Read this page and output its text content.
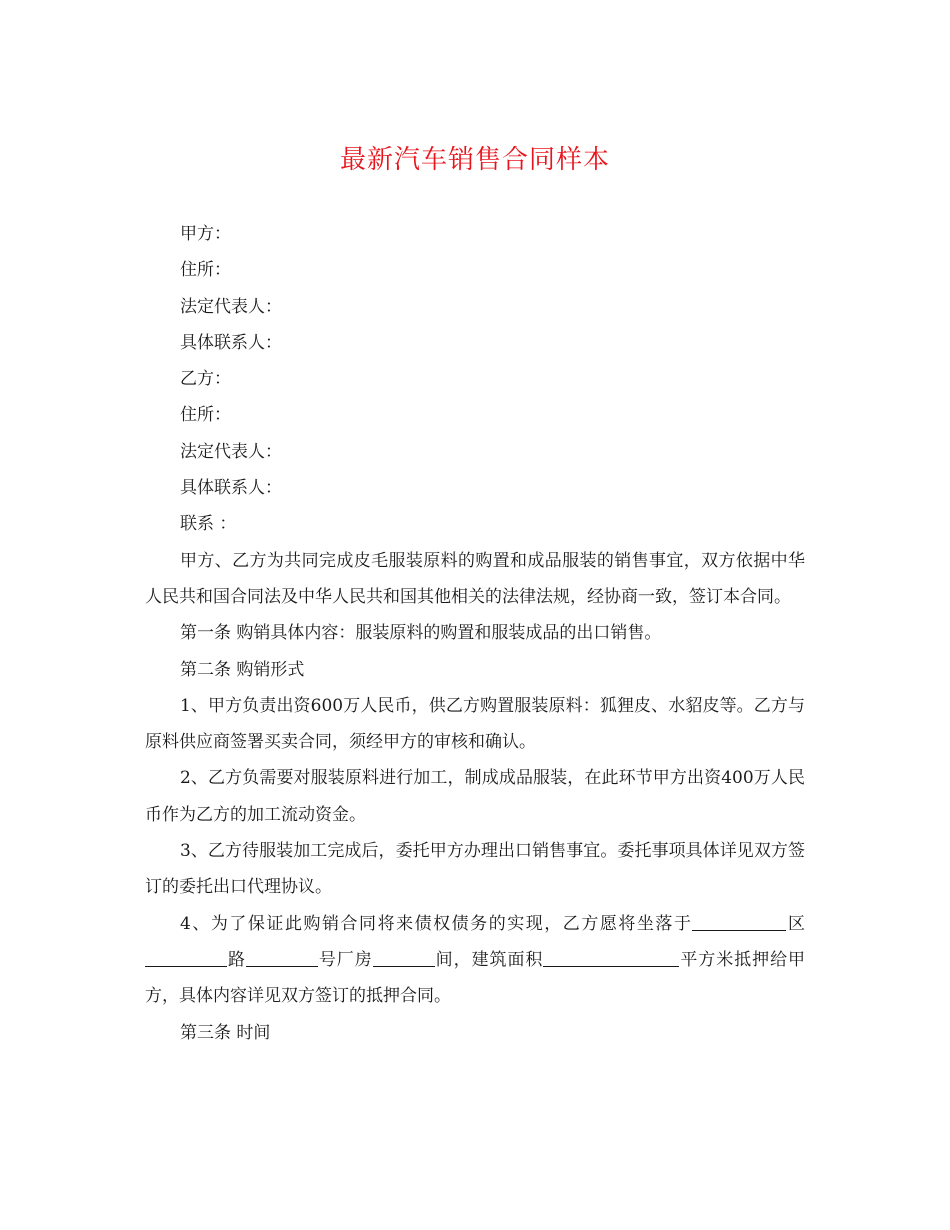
最新汽车销售合同样本

甲方：

住所：

法定代表人：

具体联系人：

乙方：

住所：

法定代表人：

具体联系人：

联系 ：

甲方、乙方为共同完成皮毛服装原料的购置和成品服装的销售事宜，双方依据中华人民共和国合同法及中华人民共和国其他相关的法律法规，经协商一致，签订本合同。

第一条 购销具体内容：服装原料的购置和服装成品的出口销售。

第二条 购销形式

1、甲方负责出资600万人民币，供乙方购置服装原料：狐狸皮、水貂皮等。乙方与原料供应商签署买卖合同，须经甲方的审核和确认。

2、乙方负需要对服装原料进行加工，制成成品服装，在此环节甲方出资400万人民币作为乙方的加工流动资金。

3、乙方待服装加工完成后，委托甲方办理出口销售事宜。委托事项具体详见双方签订的委托出口代理协议。

4、为了保证此购销合同将来债权债务的实现，乙方愿将坐落于	区路	号厂房	间，建筑面积	平方米抵押给甲方，具体内容详见双方签订的抵押合同。

第三条 时间
